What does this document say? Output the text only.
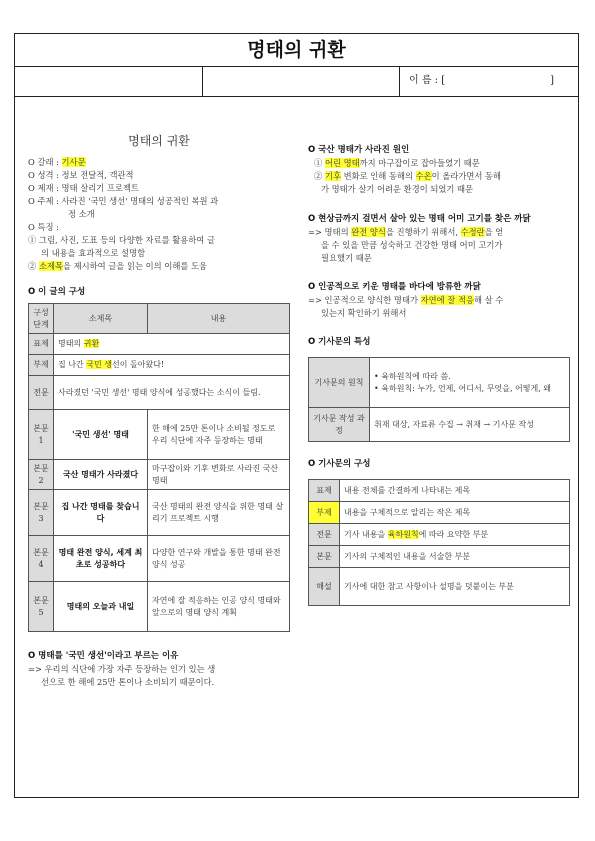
명태의 귀환
이 름 : [	]

명태의 귀환

O 갈래 : 기사문

O 성격 : 정보 전달적, 객관적

O 제재 : 명태 살리기 프로젝트

O 주제 : 사라진 '국민 생선' 명태의 성공적인 복원 과

정 소개

O 특징 :

① 그림, 사진, 도표 등의 다양한 자료를 활용하여 글

의 내용을 효과적으로 설명함

② 소제목을 제시하여 글을 읽는 이의 이해를 도움

O 이 글의 구성

구성 단계	소제목	내용
표제	명태의 귀환	
부제	집 나간 국민 생선이 돌아왔다!	
전문	사라졌던 '국민 생선' 명태 양식에 성공했다는 소식이 들림.	
본문 1	'국민 생선' 명태	한 해에 25만 톤이나 소비될 정도로 우리 식단에 자주 등장하는 명태
본문 2	국산 명태가 사라졌다	마구잡이와 기후 변화로 사라진 국산 명태
본문 3	집 나간 명태를 찾습니다	국산 명태의 완전 양식을 위한 명태 살리기 프로젝트 시행
본문 4	명태 완전 양식, 세계 최초로 성공하다	다양한 연구와 개발을 통한 명태 완전 양식 성공
본문 5	명태의 오늘과 내일	자연에 잘 적응하는 인공 양식 명태와 앞으로의 명태 양식 계획

O 명태를 '국민 생선'이라고 부르는 이유

=> 우리의 식단에 가장 자주 등장하는 인기 있는 생

선으로 한 해에 25만 톤이나 소비되기 때문이다.

O 국산 명태가 사라진 원인

① 어린 명태까지 마구잡이로 잡아들였기 때문

② 기후 변화로 인해 동해의 수온이 올라가면서 동해

가 명태가 살기 어려운 환경이 되었기 때문

O 현상금까지 걸면서 살아 있는 명태 어미 고기를 찾은 까닭

=> 명태의 완전 양식을 진행하기 위해서, 수정란을 얻

을 수 있을 만큼 성숙하고 건강한 명태 어미 고기가

필요했기 때문

O 인공적으로 키운 명태를 바다에 방류한 까닭

=> 인공적으로 양식한 명태가 자연에 잘 적응해 살 수

있는지 확인하기 위해서

O 기사문의 특성

기사문의 원칙	• 육하원칙에 따라 씀.
• 육하원칙: 누가, 언제, 어디서, 무엇을, 어떻게, 왜

기사문 작성 과정	취재 대상, 자료류 수집 → 취재 → 기사문 작성

O 기사문의 구성

표제	내용 전체를 간결하게 나타내는 제목
부제	내용을 구체적으로 알리는 작은 제목
전문	기사 내용을 육하원칙에 따라 요약한 부분
본문	기사의 구체적인 내용을 서술한 부분
해설	기사에 대한 참고 사항이나 설명을 덧붙이는 부분
